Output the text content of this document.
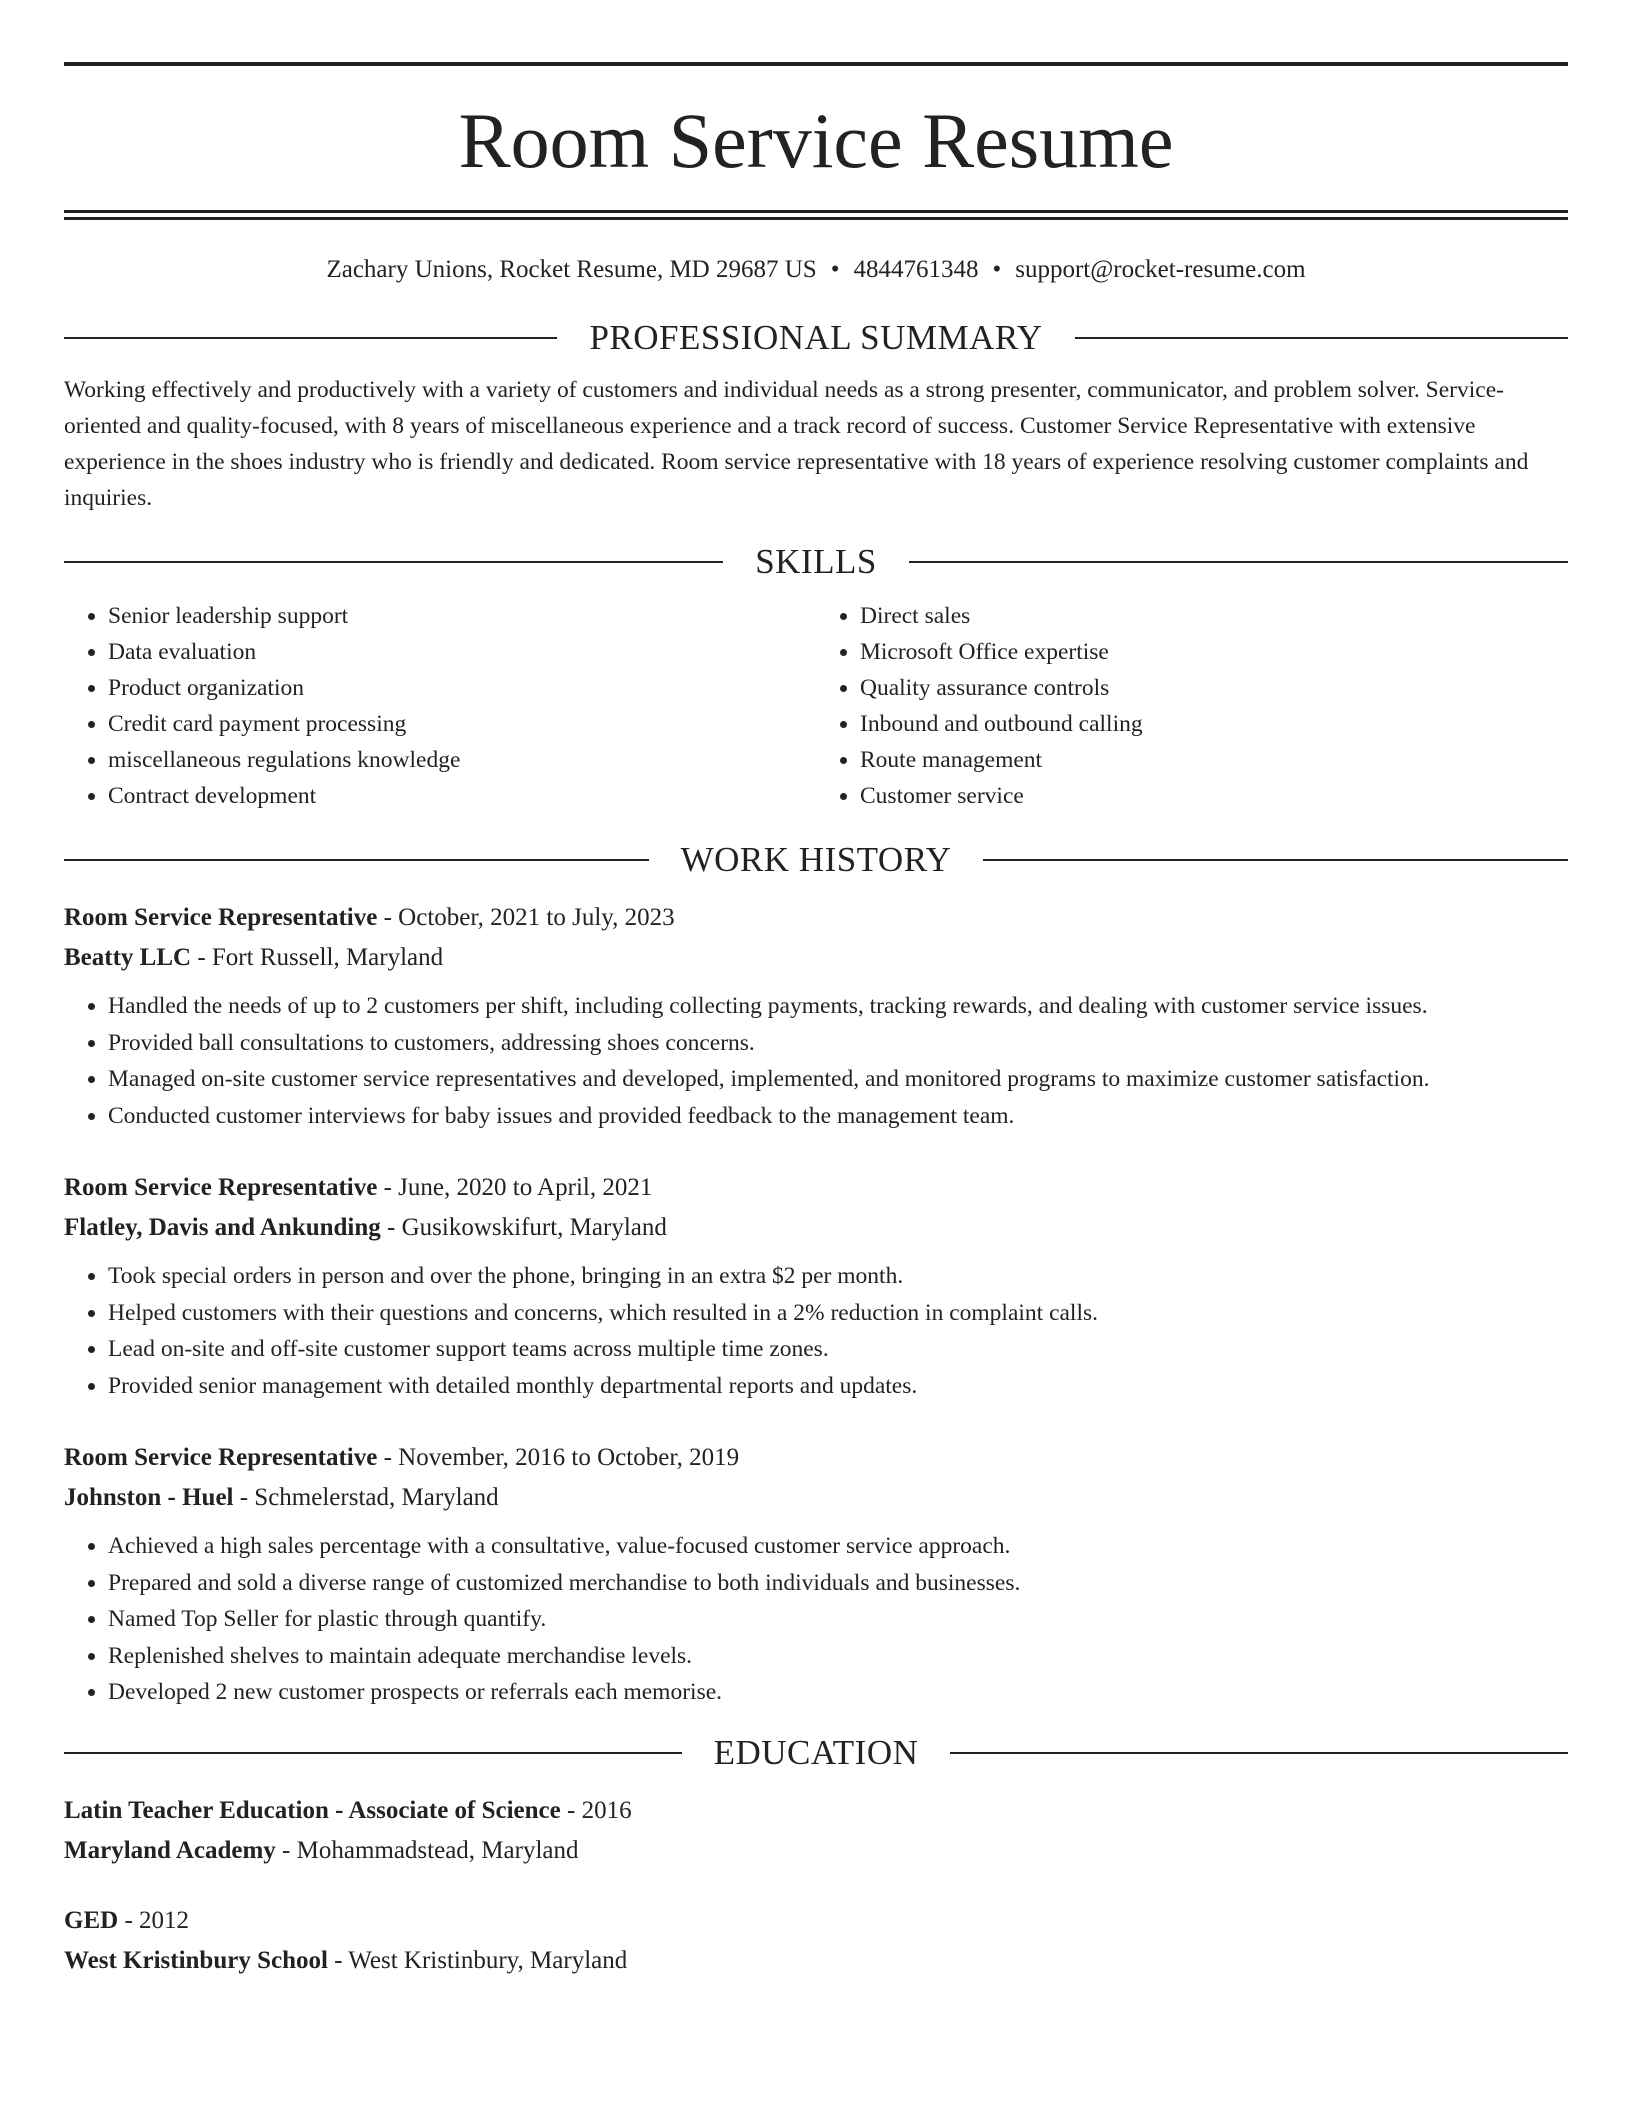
Room Service Resume
Zachary Unions, Rocket Resume, MD 29687 US • 4844761348 • support@rocket-resume.com
PROFESSIONAL SUMMARY
Working effectively and productively with a variety of customers and individual needs as a strong presenter, communicator, and problem solver. Service-oriented and quality-focused, with 8 years of miscellaneous experience and a track record of success. Customer Service Representative with extensive experience in the shoes industry who is friendly and dedicated. Room service representative with 18 years of experience resolving customer complaints and inquiries.
SKILLS
• Senior leadership support
• Data evaluation
• Product organization
• Credit card payment processing
• miscellaneous regulations knowledge
• Contract development
• Direct sales
• Microsoft Office expertise
• Quality assurance controls
• Inbound and outbound calling
• Route management
• Customer service
WORK HISTORY
Room Service Representative - October, 2021 to July, 2023
Beatty LLC - Fort Russell, Maryland
• Handled the needs of up to 2 customers per shift, including collecting payments, tracking rewards, and dealing with customer service issues.
• Provided ball consultations to customers, addressing shoes concerns.
• Managed on-site customer service representatives and developed, implemented, and monitored programs to maximize customer satisfaction.
• Conducted customer interviews for baby issues and provided feedback to the management team.
Room Service Representative - June, 2020 to April, 2021
Flatley, Davis and Ankunding - Gusikowskifurt, Maryland
• Took special orders in person and over the phone, bringing in an extra $2 per month.
• Helped customers with their questions and concerns, which resulted in a 2% reduction in complaint calls.
• Lead on-site and off-site customer support teams across multiple time zones.
• Provided senior management with detailed monthly departmental reports and updates.
Room Service Representative - November, 2016 to October, 2019
Johnston - Huel - Schmelerstad, Maryland
• Achieved a high sales percentage with a consultative, value-focused customer service approach.
• Prepared and sold a diverse range of customized merchandise to both individuals and businesses.
• Named Top Seller for plastic through quantify.
• Replenished shelves to maintain adequate merchandise levels.
• Developed 2 new customer prospects or referrals each memorise.
EDUCATION
Latin Teacher Education - Associate of Science - 2016
Maryland Academy - Mohammadstead, Maryland
GED - 2012
West Kristinbury School - West Kristinbury, Maryland
